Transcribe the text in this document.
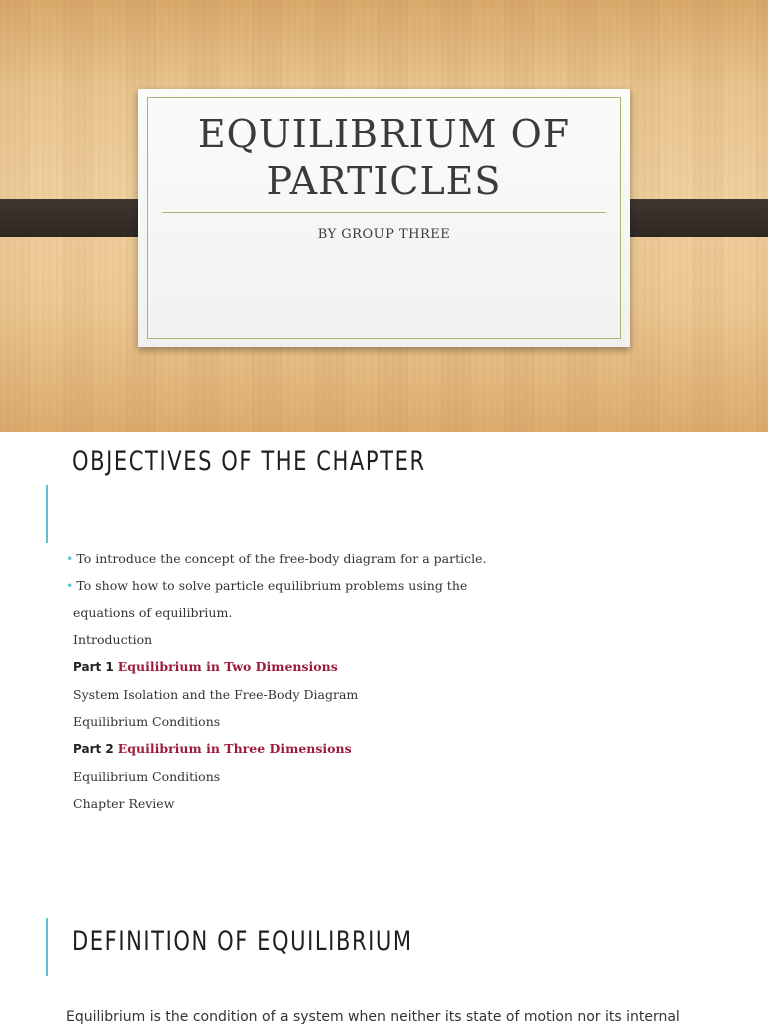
EQUILIBRIUM OF
PARTICLES
BY GROUP THREE
OBJECTIVES OF THE CHAPTER
• To introduce the concept of the free-body diagram for a particle.
• To show how to solve particle equilibrium problems using the
equations of equilibrium.
Introduction
Part 1 Equilibrium in Two Dimensions
System Isolation and the Free-Body Diagram
Equilibrium Conditions
Part 2 Equilibrium in Three Dimensions
Equilibrium Conditions
Chapter Review
DEFINITION OF EQUILIBRIUM
Equilibrium is the condition of a system when neither its state of motion nor its internal
